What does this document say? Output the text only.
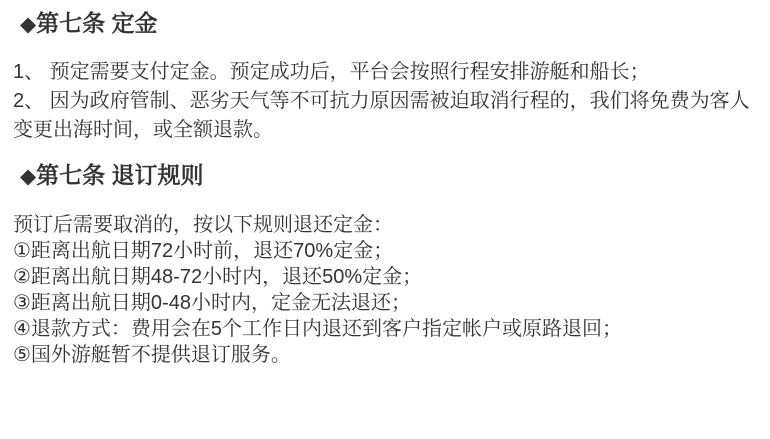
◆第七条 定金
1、 预定需要支付定金。预定成功后，平台会按照行程安排游艇和船长；
2、 因为政府管制、恶劣天气等不可抗力原因需被迫取消行程的，我们将免费为客人
变更出海时间，或全额退款。
◆第七条 退订规则
预订后需要取消的，按以下规则退还定金：
①距离出航日期72小时前，退还70%定金；
②距离出航日期48-72小时内，退还50%定金；
③距离出航日期0-48小时内，定金无法退还；
④退款方式：费用会在5个工作日内退还到客户指定帐户或原路退回；
⑤国外游艇暂不提供退订服务。
